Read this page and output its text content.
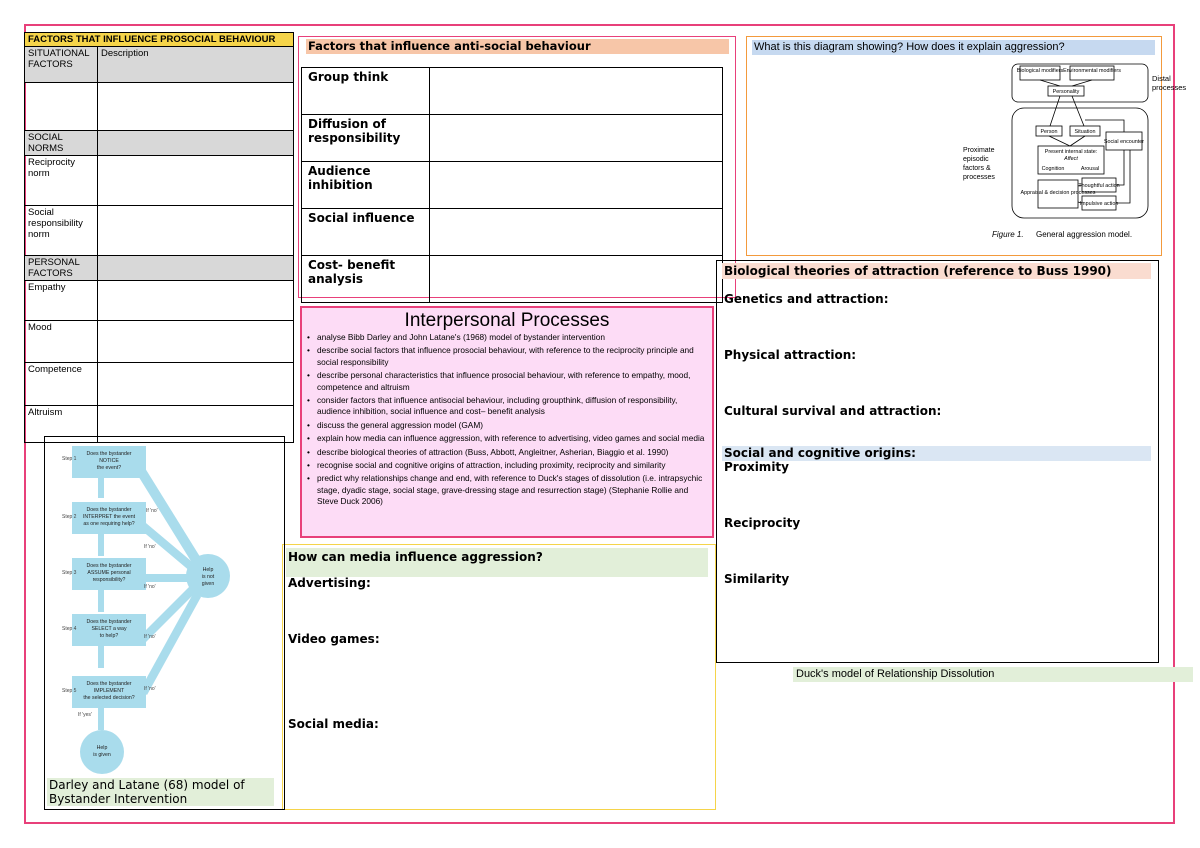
FACTORS THAT INFLUENCE PROSOCIAL BEHAVIOUR	
SITUATIONAL FACTORS	Description

SOCIAL NORMS	
Reciprocity norm	
Social responsibility norm	
PERSONAL FACTORS	
Empathy	
Mood	
Competence	
Altruism	
Factors that influence anti-social behaviour
Group think	
Diffusion of responsibility	
Audience inhibition	
Social influence	
Cost- benefit analysis	
Interpersonal Processes
• analyse Bibb Darley and John Latane's (1968) model of bystander intervention
• describe social factors that influence prosocial behaviour, with reference to the reciprocity principle and social responsibility
• describe personal characteristics that influence prosocial behaviour, with reference to empathy, mood, competence and altruism
• consider factors that influence antisocial behaviour, including groupthink, diffusion of responsibility, audience inhibition, social influence and cost– benefit analysis
• discuss the general aggression model (GAM)
• explain how media can influence aggression, with reference to advertising, video games and social media
• describe biological theories of attraction (Buss, Abbott, Angleitner, Asherian, Biaggio et al. 1990)
• recognise social and cognitive origins of attraction, including proximity, reciprocity and similarity
• predict why relationships change and end, with reference to Duck's stages of dissolution (i.e. intrapsychic stage, dyadic stage, social stage, grave-dressing stage and resurrection stage) (Stephanie Rollie and Steve Duck 2006)
How can media influence aggression?
Advertising:
Video games:
Social media:
What is this diagram showing? How does it explain aggression?
Biological modifiers Environmental modifiers
Personality
Person	Situation
Social encounter
Present internal state:
Affect
Cognition	Arousal
Appraisal & decision processes
Thoughtful action
Impulsive action
Figure 1. General aggression model.
Distal processes
Proximate episodic factors & processes
Biological theories of attraction (reference to Buss 1990)
Genetics and attraction:
Physical attraction:
Cultural survival and attraction:
Social and cognitive origins:
Proximity
Reciprocity
Similarity
Duck's model of Relationship Dissolution
Does the bystander
NOTICE
the event?
Does the bystander
INTERPRET the event
as one requiring help?
Does the bystander
ASSUME personal
responsibility?
Does the bystander
SELECT a way
to help?
Does the bystander
IMPLEMENT
the selected decision?
Help
is not
given
Help
is given
Step 1
Step 2
Step 3
Step 4
Step 5
If 'no'
If 'no'
If 'no'
If 'no'
If 'no'
If 'yes'
Darley and Latane (68) model of Bystander Intervention
